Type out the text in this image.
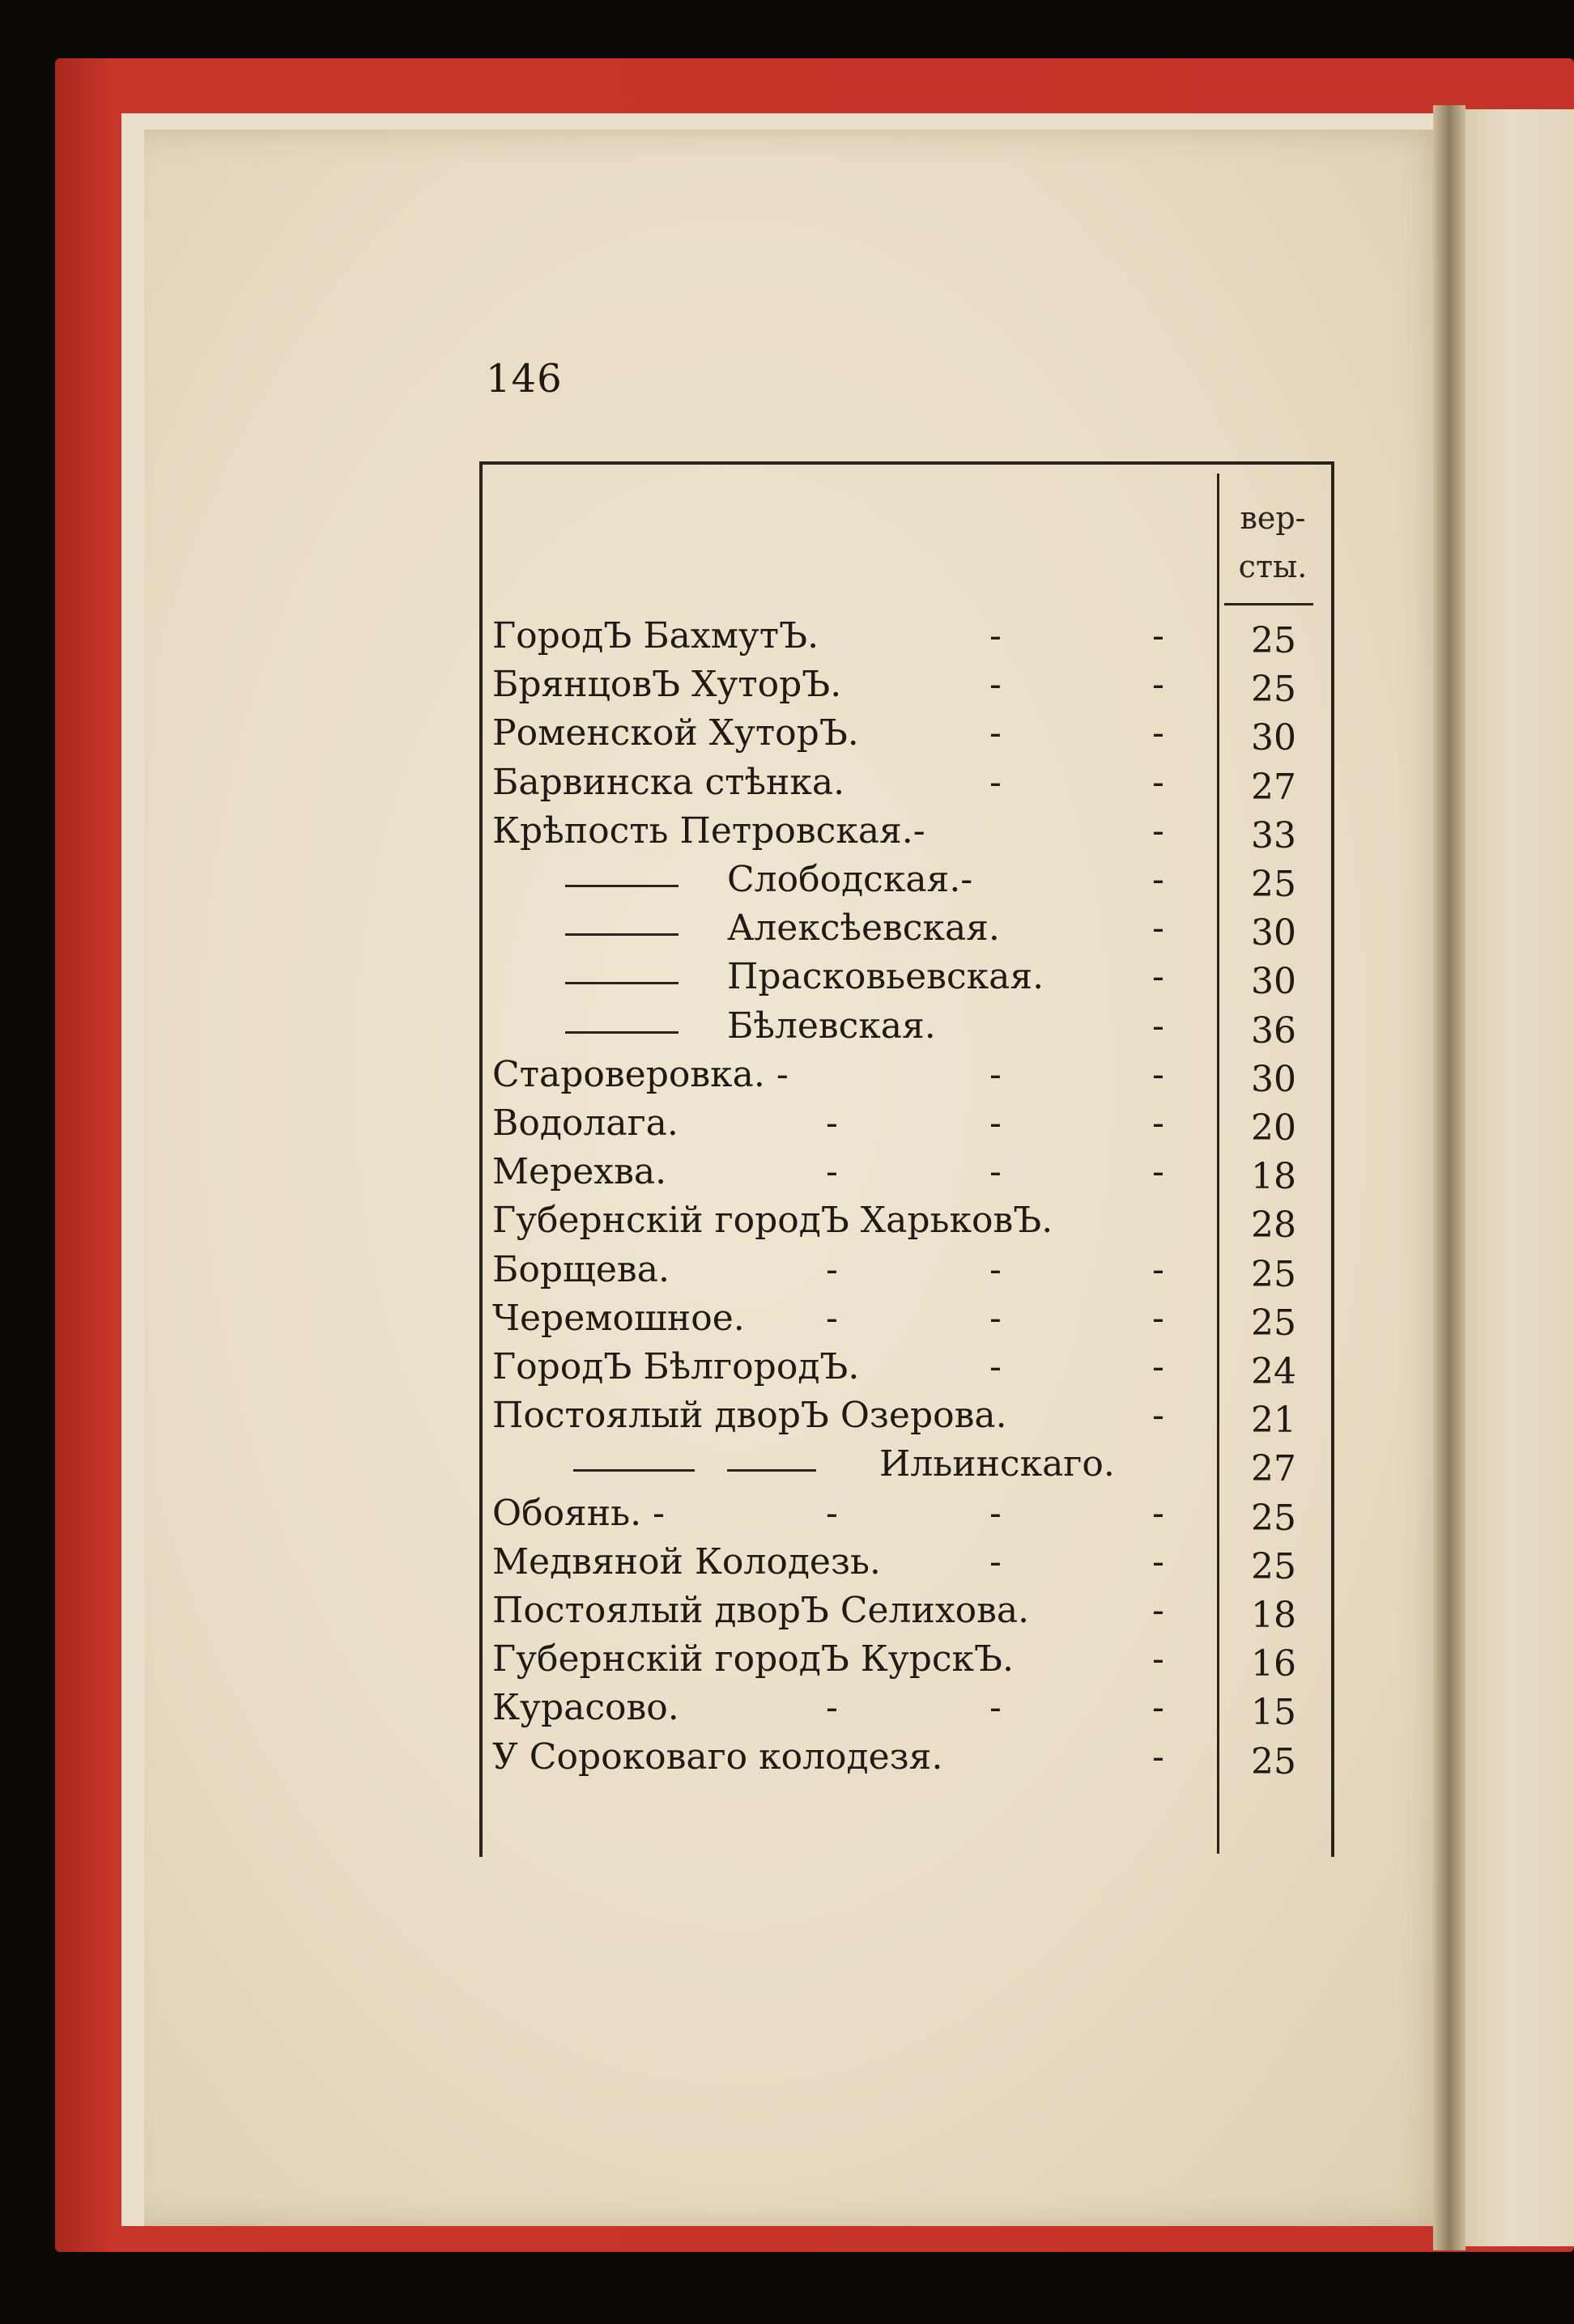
146
вер-
сты.
ГородЪ БахмутЪ.	-	-	25
БрянцовЪ ХуторЪ.	-	-	25
Роменской ХуторЪ.	-	-	30
Барвинска стѣнка.	-	-	27
Крѣпость Петровская.-	-	33
Слободская.-	-	25
Алексѣевская.	-	30
Прасковьевская.	-	30
Бѣлевская.	-	36
Староверовка. -	-	-	30
Водолага.	-	-	-	20
Мерехва.	-	-	-	18
Губернскій городЪ ХарьковЪ.	28
Борщева.	-	-	-	25
Черемошное. -	-	-	25
ГородЪ БѣлгородЪ.	-	-	24
Постоялый дворЪ Озерова.	-	21
Ильинскаго.	27
Обоянь. -	-	-	-	25
Медвяной Колодезь.	-	-	25
Постоялый дворЪ Селихова.	-	18
Губернскій городЪ КурскЪ.	-	16
Курасово.	-	-	-	15
У Сороковаго колодезя.	-	25
